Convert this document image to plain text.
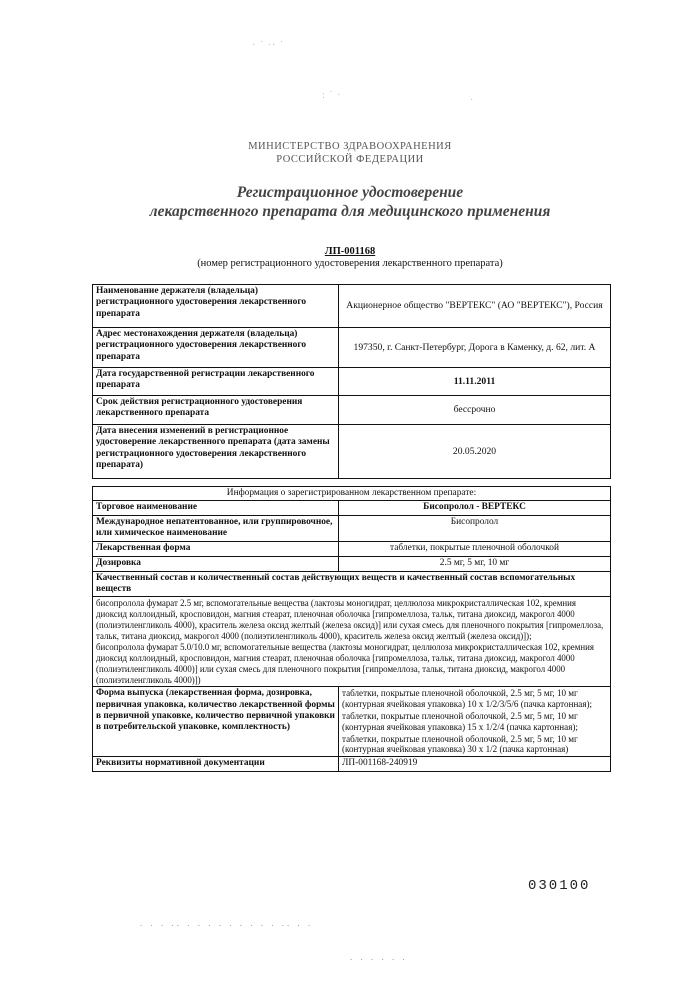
· ˙ ·· ˙
: ˙ ·	·
МИНИСТЕРСТВО ЗДРАВООХРАНЕНИЯ
РОССИЙСКОЙ ФЕДЕРАЦИИ
Регистрационное удостоверение
лекарственного препарата для медицинского применения
ЛП-001168
(номер регистрационного удостоверения лекарственного препарата)
Наименование держателя (владельца) регистрационного удостоверения лекарственного препарата	Акционерное общество "ВЕРТЕКС" (АО "ВЕРТЕКС"), Россия
Адрес местонахождения держателя (владельца) регистрационного удостоверения лекарственного препарата	197350, г. Санкт-Петербург, Дорога в Каменку, д. 62, лит. А
Дата государственной регистрации лекарственного препарата	11.11.2011
Срок действия регистрационного удостоверения лекарственного препарата	бессрочно
Дата внесения изменений в регистрационное удостоверение лекарственного препарата (дата замены регистрационного удостоверения лекарственного препарата)	20.05.2020
Информация о зарегистрированном лекарственном препарате:	
Торговое наименование	Бисопролол - ВЕРТЕКС
Международное непатентованное, или группировочное, или химическое наименование	Бисопролол
Лекарственная форма	таблетки, покрытые пленочной оболочкой
Дозировка	2.5 мг, 5 мг, 10 мг
Качественный состав и количественный состав действующих веществ и качественный состав вспомогательных веществ	

бисопролола фумарат 2.5 мг, вспомогательные вещества (лактозы моногидрат, целлюлоза микрокристаллическая 102, кремния диоксид коллоидный, кросповидон, магния стеарат, пленочная оболочка [гипромеллоза, тальк, титана диоксид, макрогол 4000 (полиэтиленгликоль 4000), краситель железа оксид желтый (железа оксид)] или сухая смесь для пленочного покрытия [гипромеллоза, тальк, титана диоксид, макрогол 4000 (полиэтиленгликоль 4000), краситель железа оксид желтый (железа оксид)]);
бисопролола фумарат 5.0/10.0 мг, вспомогательные вещества (лактозы моногидрат, целлюлоза микрокристаллическая 102, кремния диоксид коллоидный, кросповидон, магния стеарат, пленочная оболочка [гипромеллоза, тальк, титана диоксид, макрогол 4000 (полиэтиленгликоль 4000)] или сухая смесь для пленочного покрытия [гипромеллоза, тальк, титана диоксид, макрогол 4000 (полиэтиленгликоль 4000)])	

Форма выпуска (лекарственная форма, дозировка, первичная упаковка, количество лекарственной формы в первичной упаковке, количество первичной упаковки в потребительской упаковке, комплектность)	таблетки, покрытые пленочной оболочкой, 2.5 мг, 5 мг, 10 мг (контурная ячейковая упаковка) 10 х 1/2/3/5/6 (пачка картонная);
таблетки, покрытые пленочной оболочкой, 2.5 мг, 5 мг, 10 мг (контурная ячейковая упаковка) 15 х 1/2/4 (пачка картонная);
таблетки, покрытые пленочной оболочкой, 2.5 мг, 5 мг, 10 мг (контурная ячейковая упаковка) 30 х 1/2 (пачка картонная)

Реквизиты нормативной документации	ЛП-001168-240919
030100
. . . .. . . . . . . . . . .. . .
. . . . . .
